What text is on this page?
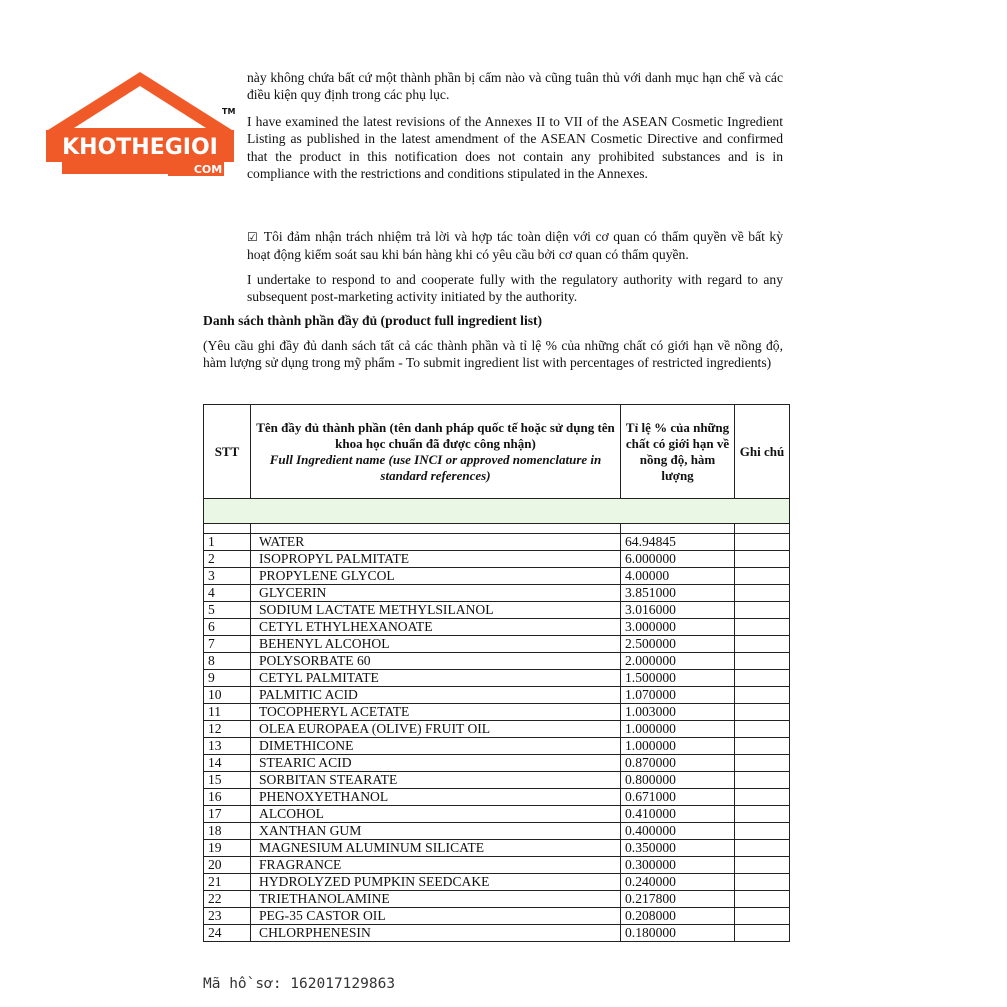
KHOTHEGIOI
COM
TM

này không chứa bất cứ một thành phần bị cấm nào và cũng tuân thủ với danh mục hạn chế và các điều kiện quy định trong các phụ lục.

I have examined the latest revisions of the Annexes II to VII of the ASEAN Cosmetic Ingredient Listing as published in the latest amendment of the ASEAN Cosmetic Directive and confirmed that the product in this notification does not contain any prohibited substances and is in compliance with the restrictions and conditions stipulated in the Annexes.

☑ Tôi đảm nhận trách nhiệm trả lời và hợp tác toàn diện với cơ quan có thẩm quyền về bất kỳ hoạt động kiểm soát sau khi bán hàng khi có yêu cầu bởi cơ quan có thẩm quyền.

I undertake to respond to and cooperate fully with the regulatory authority with regard to any subsequent post-marketing activity initiated by the authority.

Danh sách thành phần đầy đủ (product full ingredient list)

(Yêu cầu ghi đầy đủ danh sách tất cả các thành phần và tỉ lệ % của những chất có giới hạn về nồng độ, hàm lượng sử dụng trong mỹ phẩm - To submit ingredient list with percentages of restricted ingredients)

STT	Tên đầy đủ thành phần (tên danh pháp quốc tế hoặc sử dụng tên khoa học chuẩn đã được công nhận)
Full Ingredient name (use INCI or approved nomenclature in standard references)	Tỉ lệ % của những chất có giới hạn về nồng độ, hàm lượng	Ghi chú

1	WATER	64.94845	
2	ISOPROPYL PALMITATE	6.000000	
3	PROPYLENE GLYCOL	4.00000	
4	GLYCERIN	3.851000	
5	SODIUM LACTATE METHYLSILANOL	3.016000	
6	CETYL ETHYLHEXANOATE	3.000000	
7	BEHENYL ALCOHOL	2.500000	
8	POLYSORBATE 60	2.000000	
9	CETYL PALMITATE	1.500000	
10	PALMITIC ACID	1.070000	
11	TOCOPHERYL ACETATE	1.003000	
12	OLEA EUROPAEA (OLIVE) FRUIT OIL	1.000000	
13	DIMETHICONE	1.000000	
14	STEARIC ACID	0.870000	
15	SORBITAN STEARATE	0.800000	
16	PHENOXYETHANOL	0.671000	
17	ALCOHOL	0.410000	
18	XANTHAN GUM	0.400000	
19	MAGNESIUM ALUMINUM SILICATE	0.350000	
20	FRAGRANCE	0.300000	
21	HYDROLYZED PUMPKIN SEEDCAKE	0.240000	
22	TRIETHANOLAMINE	0.217800	
23	PEG-35 CASTOR OIL	0.208000	
24	CHLORPHENESIN	0.180000	
Mã hồ sơ: 162017129863
